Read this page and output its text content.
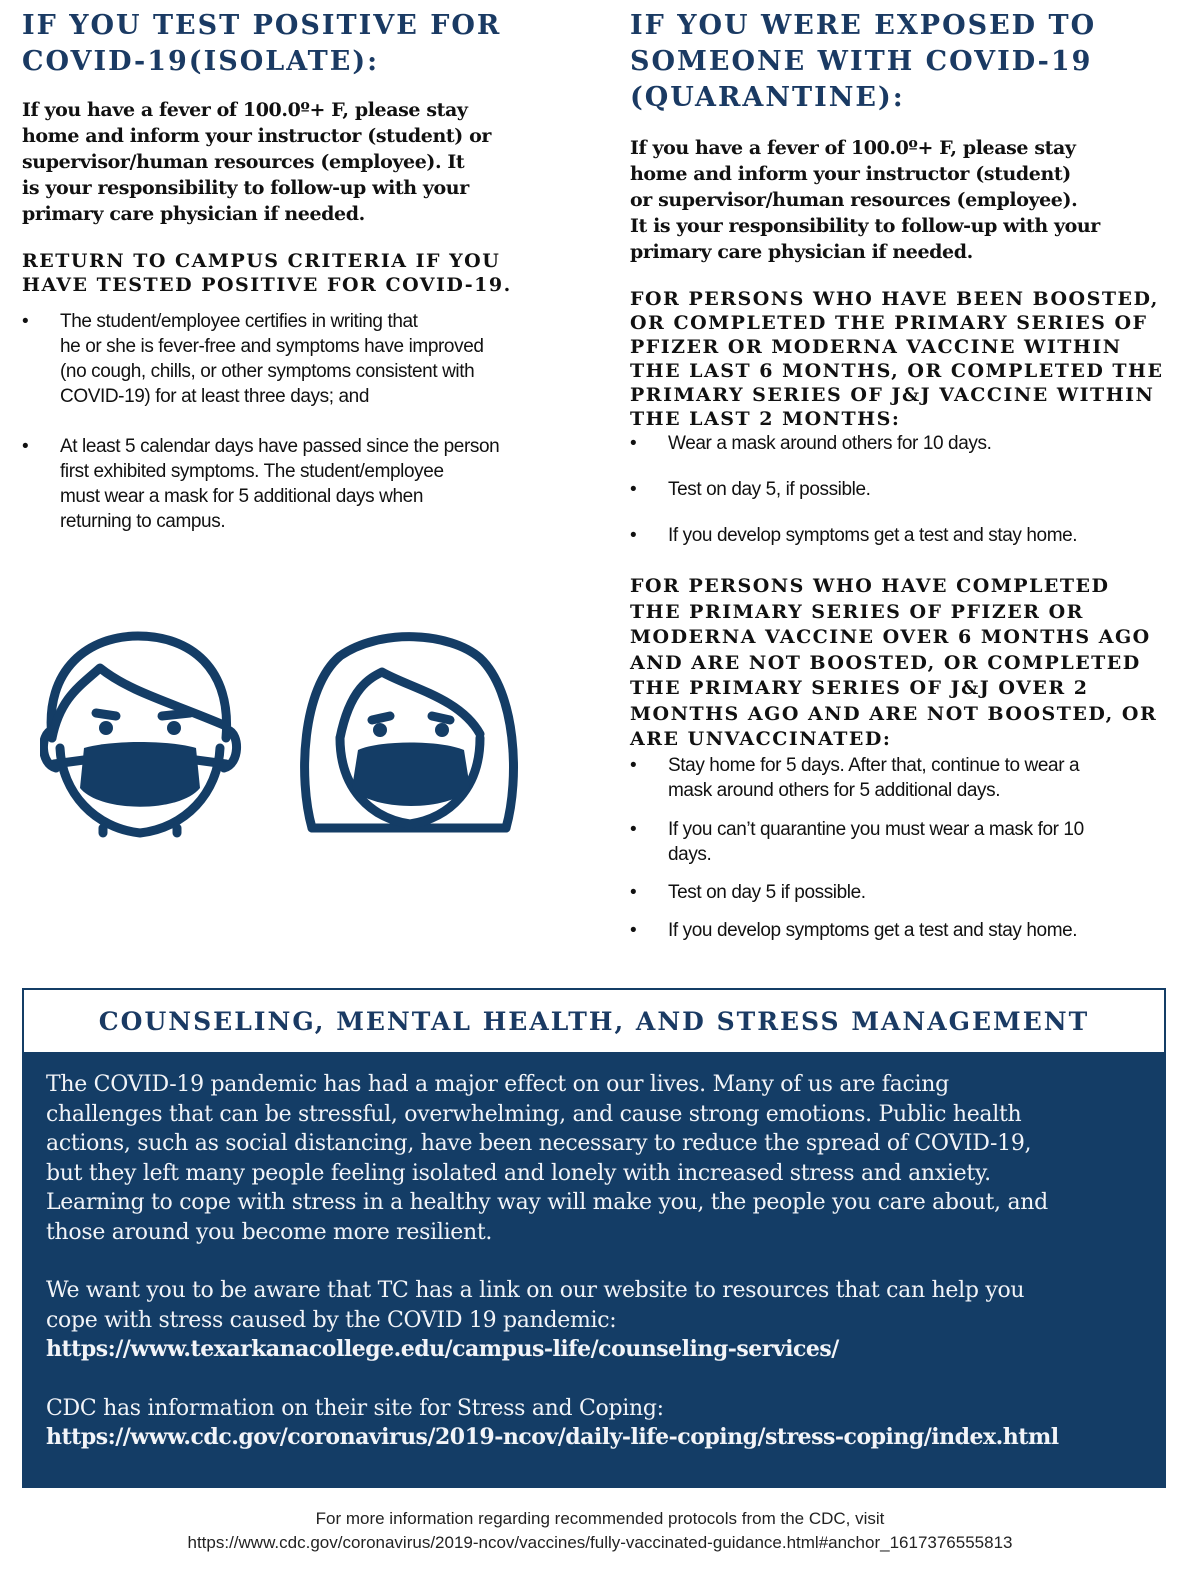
IF YOU TEST POSITIVE FOR
COVID-19(ISOLATE):
If you have a fever of 100.0º+ F, please stay
home and inform your instructor (student) or
supervisor/human resources (employee). It
is your responsibility to follow-up with your
primary care physician if needed.
RETURN TO CAMPUS CRITERIA IF YOU
HAVE TESTED POSITIVE FOR COVID-19.
• The student/employee certifies in writing that
he or she is fever-free and symptoms have improved
(no cough, chills, or other symptoms consistent with
COVID-19) for at least three days; and
• At least 5 calendar days have passed since the person
first exhibited symptoms. The student/employee
must wear a mask for 5 additional days when
returning to campus.
IF YOU WERE EXPOSED TO
SOMEONE WITH COVID-19
(QUARANTINE):
If you have a fever of 100.0º+ F, please stay
home and inform your instructor (student)
or supervisor/human resources (employee).
It is your responsibility to follow-up with your
primary care physician if needed.
FOR PERSONS WHO HAVE BEEN BOOSTED,
OR COMPLETED THE PRIMARY SERIES OF
PFIZER OR MODERNA VACCINE WITHIN
THE LAST 6 MONTHS, OR COMPLETED THE
PRIMARY SERIES OF J&J VACCINE WITHIN
THE LAST 2 MONTHS:
• Wear a mask around others for 10 days.
• Test on day 5, if possible.
• If you develop symptoms get a test and stay home.
FOR PERSONS WHO HAVE COMPLETED
THE PRIMARY SERIES OF PFIZER OR
MODERNA VACCINE OVER 6 MONTHS AGO
AND ARE NOT BOOSTED, OR COMPLETED
THE PRIMARY SERIES OF J&J OVER 2
MONTHS AGO AND ARE NOT BOOSTED, OR
ARE UNVACCINATED:
• Stay home for 5 days. After that, continue to wear a
mask around others for 5 additional days.
• If you can’t quarantine you must wear a mask for 10
days.
• Test on day 5 if possible.
• If you develop symptoms get a test and stay home.
COUNSELING, MENTAL HEALTH, AND STRESS MANAGEMENT

The COVID-19 pandemic has had a major effect on our lives. Many of us are facing
challenges that can be stressful, overwhelming, and cause strong emotions. Public health
actions, such as social distancing, have been necessary to reduce the spread of COVID-19,
but they left many people feeling isolated and lonely with increased stress and anxiety.
Learning to cope with stress in a healthy way will make you, the people you care about, and
those around you become more resilient.

We want you to be aware that TC has a link on our website to resources that can help you
cope with stress caused by the COVID 19 pandemic:
https://www.texarkanacollege.edu/campus-life/counseling-services/

CDC has information on their site for Stress and Coping:
https://www.cdc.gov/coronavirus/2019-ncov/daily-life-coping/stress-coping/index.html

For more information regarding recommended protocols from the CDC, visit
https://www.cdc.gov/coronavirus/2019-ncov/vaccines/fully-vaccinated-guidance.html#anchor_1617376555813
